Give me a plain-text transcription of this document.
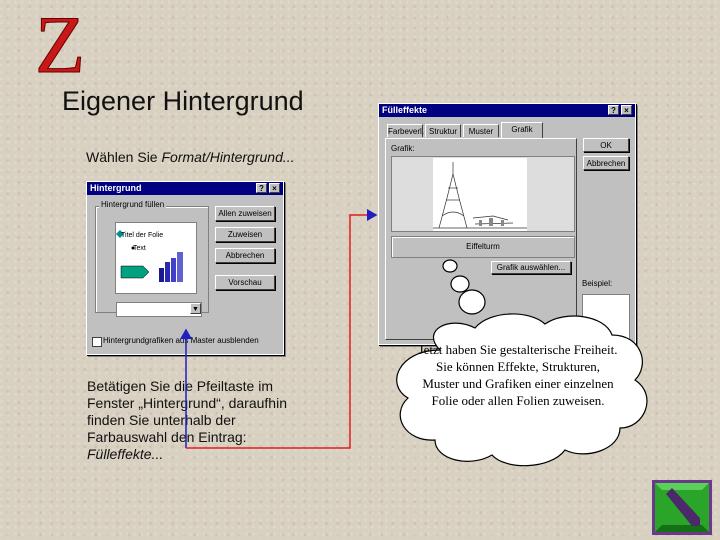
Z
Eigener Hintergrund
Wählen Sie Format/Hintergrund...
Betätigen Sie die Pfeiltaste im Fenster „Hintergrund“, daraufhin finden Sie unterhalb der Farbauswahl den Eintrag: Fülleffekte...
Hintergrund	?	×
Hintergrund füllen
Titel der Folie
Text
▼
Allen zuweisen
Zuweisen
Abbrechen
Vorschau
Hintergrundgrafiken aus Master ausblenden
Fülleffekte	?	×
Farbeverl. Struktur	Muster	Grafik
Grafik:
Eiffelturm
Grafik auswählen...
OK
Abbrechen
Beispiel:
Jetzt haben Sie gestalterische Freiheit. Sie können Effekte, Strukturen, Muster und Grafiken einer einzelnen Folie oder allen Folien zuweisen.
